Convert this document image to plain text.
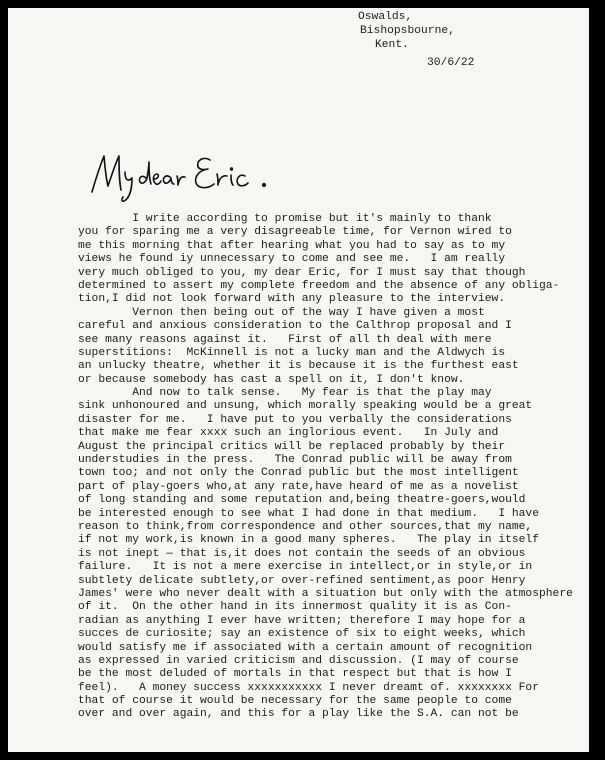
Oswalds,

Bishopsbourne,

Kent.

30/6/22

I write according to promise but it's mainly to thank
you for sparing me a very disagreeable time, for Vernon wired to
me this morning that after hearing what you had to say as to my
views he found iy unnecessary to come and see me.   I am really
very much obliged to you, my dear Eric, for I must say that though
determined to assert my complete freedom and the absence of any obliga-
tion,I did not look forward with any pleasure to the interview.
Vernon then being out of the way I have given a most
careful and anxious consideration to the Calthrop proposal and I
see many reasons against it.   First of all th deal with mere
superstitions:  McKinnell is not a lucky man and the Aldwych is
an unlucky theatre, whether it is because it is the furthest east
or because somebody has cast a spell on it, I don't know.
And now to talk sense.   My fear is that the play may
sink unhonoured and unsung, which morally speaking would be a great
disaster for me.   I have put to you verbally the considerations
that make me fear xxxx such an inglorious event.   In July and
August the principal critics will be replaced probably by their
understudies in the press.   The Conrad public will be away from
town too; and not only the Conrad public but the most intelligent
part of play-goers who,at any rate,have heard of me as a novelist
of long standing and some reputation and,being theatre-goers,would
be interested enough to see what I had done in that medium.   I have
reason to think,from correspondence and other sources,that my name,
if not my work,is known in a good many spheres.   The play in itself
is not inept — that is,it does not contain the seeds of an obvious
failure.   It is not a mere exercise in intellect,or in style,or in
subtlety delicate subtlety,or over-refined sentiment,as poor Henry
James' were who never dealt with a situation but only with the atmosphere
of it.  On the other hand in its innermost quality it is as Con-
radian as anything I ever have written; therefore I may hope for a
succes de curiosite; say an existence of six to eight weeks, which
would satisfy me if associated with a certain amount of recognition
as expressed in varied criticism and discussion. (I may of course
be the most deluded of mortals in that respect but that is how I
feel).   A money success xxxxxxxxxxx I never dreamt of. xxxxxxxx For
that of course it would be necessary for the same people to come
over and over again, and this for a play like the S.A. can not be
